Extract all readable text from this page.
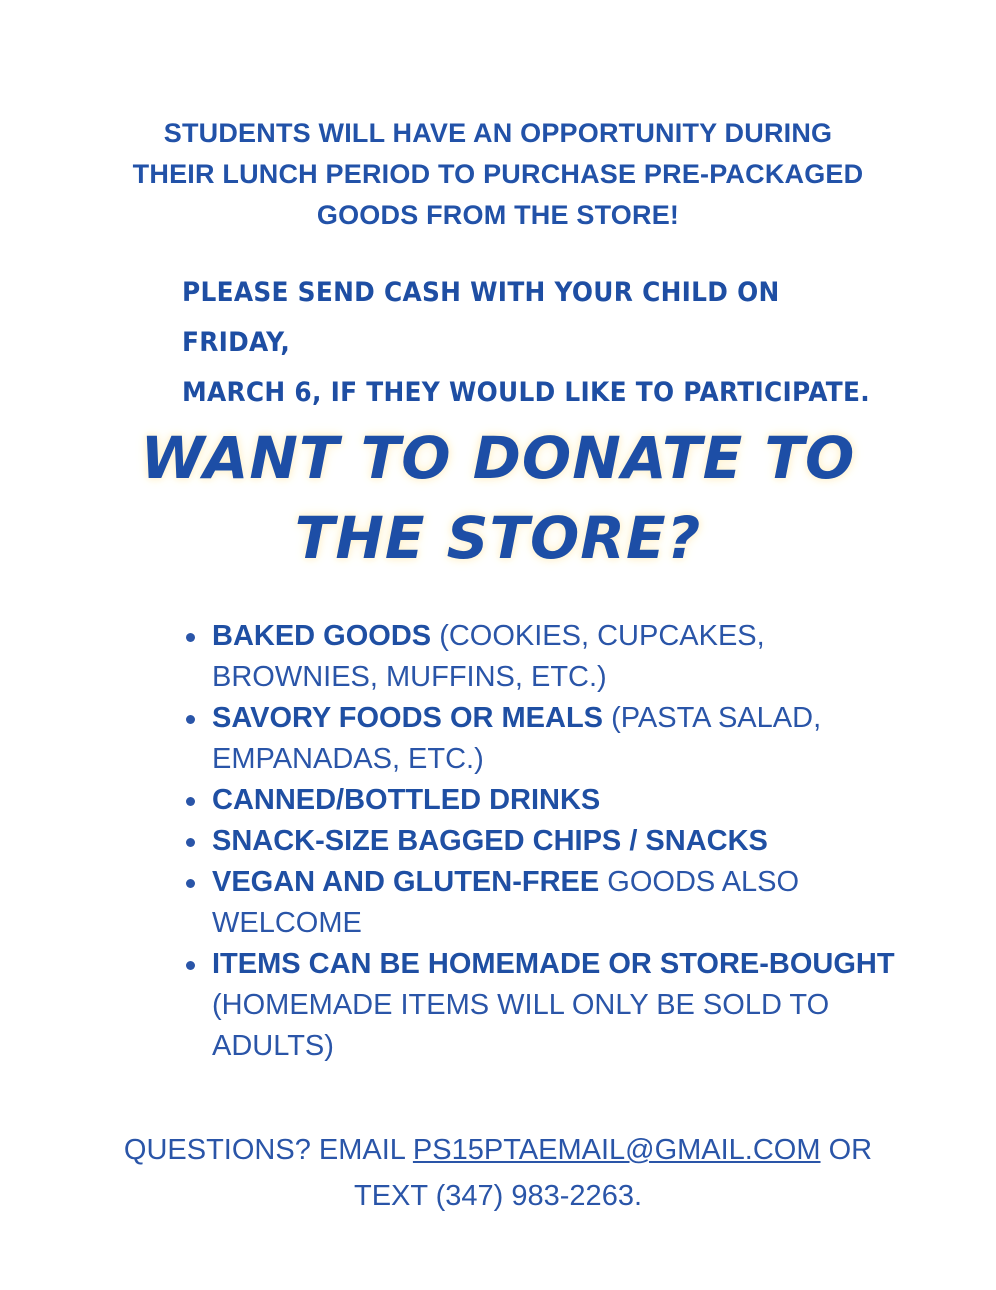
STUDENTS WILL HAVE AN OPPORTUNITY DURING
THEIR LUNCH PERIOD TO PURCHASE PRE-PACKAGED
GOODS FROM THE STORE!
PLEASE SEND CASH WITH YOUR CHILD ON FRIDAY,
MARCH 6, IF THEY WOULD LIKE TO PARTICIPATE.
WANT TO DONATE TO
THE STORE?
BAKED GOODS (COOKIES, CUPCAKES, BROWNIES, MUFFINS, ETC.)
SAVORY FOODS OR MEALS (PASTA SALAD, EMPANADAS, ETC.)
CANNED/BOTTLED DRINKS
SNACK-SIZE BAGGED CHIPS / SNACKS
VEGAN AND GLUTEN-FREE GOODS ALSO WELCOME
ITEMS CAN BE HOMEMADE OR STORE-BOUGHT (HOMEMADE ITEMS WILL ONLY BE SOLD TO ADULTS)
QUESTIONS? EMAIL PS15PTAEMAIL@GMAIL.COM OR
TEXT (347) 983-2263.
